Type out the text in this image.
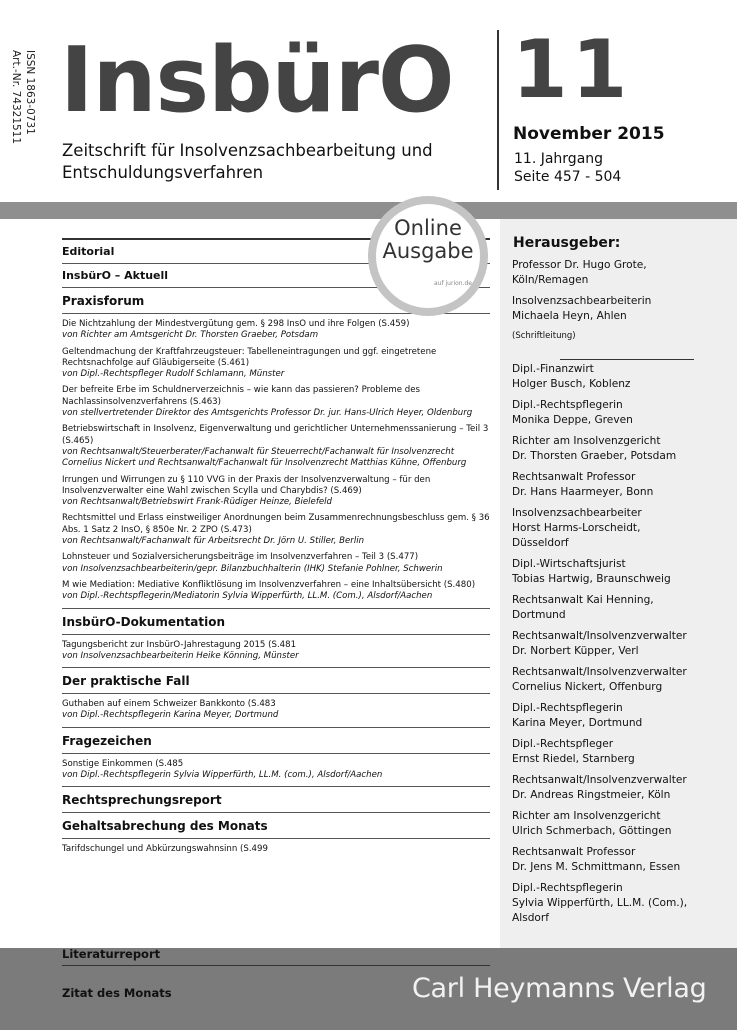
ISSN 1863-0731
Art.-Nr. 74321511 InsbürO
Zeitschrift für Insolvenzsachbearbeitung und
Entschuldungsverfahren
11
November 2015
11. Jahrgang
Seite 457 - 504
Editorial
InsbürO – Aktuell
Praxisforum
Die Nichtzahlung der Mindestvergütung gem. § 298 InsO und ihre Folgen (S.459)
von Richter am Amtsgericht Dr. Thorsten Graeber, Potsdam
Geltendmachung der Kraftfahrzeugsteuer: Tabelleneintragungen und ggf. eingetretene Rechtsnachfolge auf Gläubigerseite (S.461)
von Dipl.-Rechtspfleger Rudolf Schlamann, Münster
Der befreite Erbe im Schuldnerverzeichnis – wie kann das passieren? Probleme des Nachlassinsolvenzverfahrens (S.463)
von stellvertretender Direktor des Amtsgerichts Professor Dr. jur. Hans-Ulrich Heyer, Oldenburg
Betriebswirtschaft in Insolvenz, Eigenverwaltung und gerichtlicher Unternehmenssanierung – Teil 3 (S.465)
von Rechtsanwalt/Steuerberater/Fachanwalt für Steuerrecht/Fachanwalt für Insolvenzrecht Cornelius Nickert und Rechtsanwalt/Fachanwalt für Insolvenzrecht Matthias Kühne, Offenburg
Irrungen und Wirrungen zu § 110 VVG in der Praxis der Insolvenzverwaltung – für den Insolvenzverwalter eine Wahl zwischen Scylla und Charybdis? (S.469)
von Rechtsanwalt/Betriebswirt Frank-Rüdiger Heinze, Bielefeld
Rechtsmittel und Erlass einstweiliger Anordnungen beim Zusammenrechnungsbeschluss gem. § 36 Abs. 1 Satz 2 InsO, § 850e Nr. 2 ZPO (S.473)
von Rechtsanwalt/Fachanwalt für Arbeitsrecht Dr. Jörn U. Stiller, Berlin
Lohnsteuer und Sozialversicherungsbeiträge im Insolvenzverfahren – Teil 3 (S.477)
von Insolvenzsachbearbeiterin/gepr. Bilanzbuchhalterin (IHK) Stefanie Pohlner, Schwerin
M wie Mediation: Mediative Konfliktlösung im Insolvenzverfahren – eine Inhaltsübersicht (S.480)
von Dipl.-Rechtspflegerin/Mediatorin Sylvia Wipperfürth, LL.M. (Com.), Alsdorf/Aachen
InsbürO-Dokumentation
Tagungsbericht zur InsbürO-Jahrestagung 2015 (S.481
von Insolvenzsachbearbeiterin Heike Könning, Münster
Der praktische Fall
Guthaben auf einem Schweizer Bankkonto (S.483
von Dipl.-Rechtspflegerin Karina Meyer, Dortmund
Fragezeichen
Sonstige Einkommen (S.485
von Dipl.-Rechtspflegerin Sylvia Wipperfürth, LL.M. (com.), Alsdorf/Aachen
Rechtsprechungsreport
Gehaltsabrechung des Monats
Tarifdschungel und Abkürzungswahnsinn (S.499
Literaturreport
Zitat des Monats
Online
Ausgabe
auf jurion.de
Herausgeber:
Professor Dr. Hugo Grote,
Köln/Remagen
Insolvenzsachbearbeiterin
Michaela Heyn, Ahlen
(Schriftleitung)
Dipl.-Finanzwirt
Holger Busch, Koblenz
Dipl.-Rechtspflegerin
Monika Deppe, Greven
Richter am Insolvenzgericht
Dr. Thorsten Graeber, Potsdam
Rechtsanwalt Professor
Dr. Hans Haarmeyer, Bonn
Insolvenzsachbearbeiter
Horst Harms-Lorscheidt,
Düsseldorf
Dipl.-Wirtschaftsjurist
Tobias Hartwig, Braunschweig
Rechtsanwalt Kai Henning,
Dortmund
Rechtsanwalt/Insolvenzverwalter
Dr. Norbert Küpper, Verl
Rechtsanwalt/Insolvenzverwalter
Cornelius Nickert, Offenburg
Dipl.-Rechtspflegerin
Karina Meyer, Dortmund
Dipl.-Rechtspfleger
Ernst Riedel, Starnberg
Rechtsanwalt/Insolvenzverwalter
Dr. Andreas Ringstmeier, Köln
Richter am Insolvenzgericht
Ulrich Schmerbach, Göttingen
Rechtsanwalt Professor
Dr. Jens M. Schmittmann, Essen
Dipl.-Rechtspflegerin
Sylvia Wipperfürth, LL.M. (Com.),
Alsdorf
Carl Heymanns Verlag
